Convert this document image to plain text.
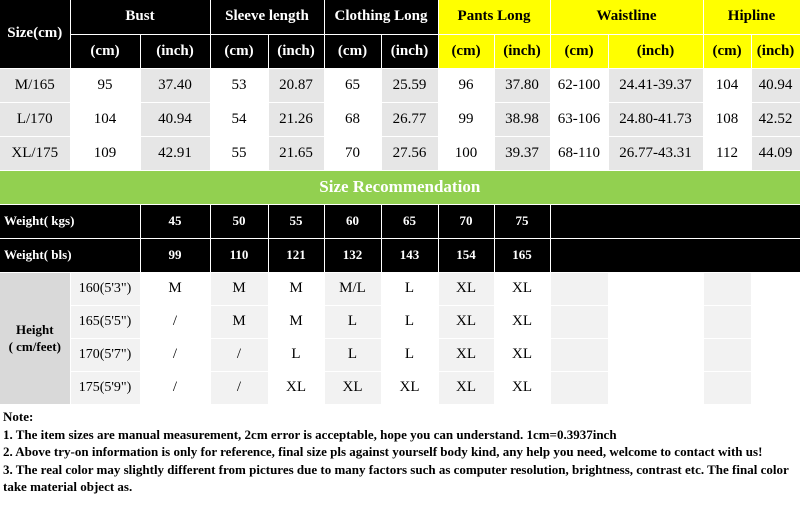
Size(cm)	Bust		Sleeve length		Clothing Long		Pants Long		Waistline		Hipline	
	(cm)	(inch)	(cm)	(inch)	(cm)	(inch)	(cm)	(inch)	(cm)	(inch)	(cm)	(inch)
M/165	95	37.40	53	20.87	65	25.59	96	37.80	62-100	24.41-39.37	104	40.94
L/170	104	40.94	54	21.26	68	26.77	99	38.98	63-106	24.80-41.73	108	42.52
XL/175	109	42.91	55	21.65	70	27.56	100	39.37	68-110	26.77-43.31	112	44.09
Size Recommendation												
Weight( kgs)		45	50	55	60	65	70	75				
Weight( bls)		99	110	121	132	143	154	165				

Height
( cm/feet)	160(5'3")	M	M	M	M/L	L	XL	XL				
	165(5'5")	/	M	M	L	L	XL	XL				
	170(5'7")	/	/	L	L	L	XL	XL				
	175(5'9")	/	/	XL	XL	XL	XL	XL				

Note:

1. The item sizes are manual measurement, 2cm error is acceptable, hope you can understand. 1cm=0.3937inch

2. Above try-on information is only for reference, final size pls against yourself body kind, any help you need, welcome to contact with us!

3. The real color may slightly different from pictures due to many factors such as computer resolution, brightness, contrast etc. The final color take material object as.
